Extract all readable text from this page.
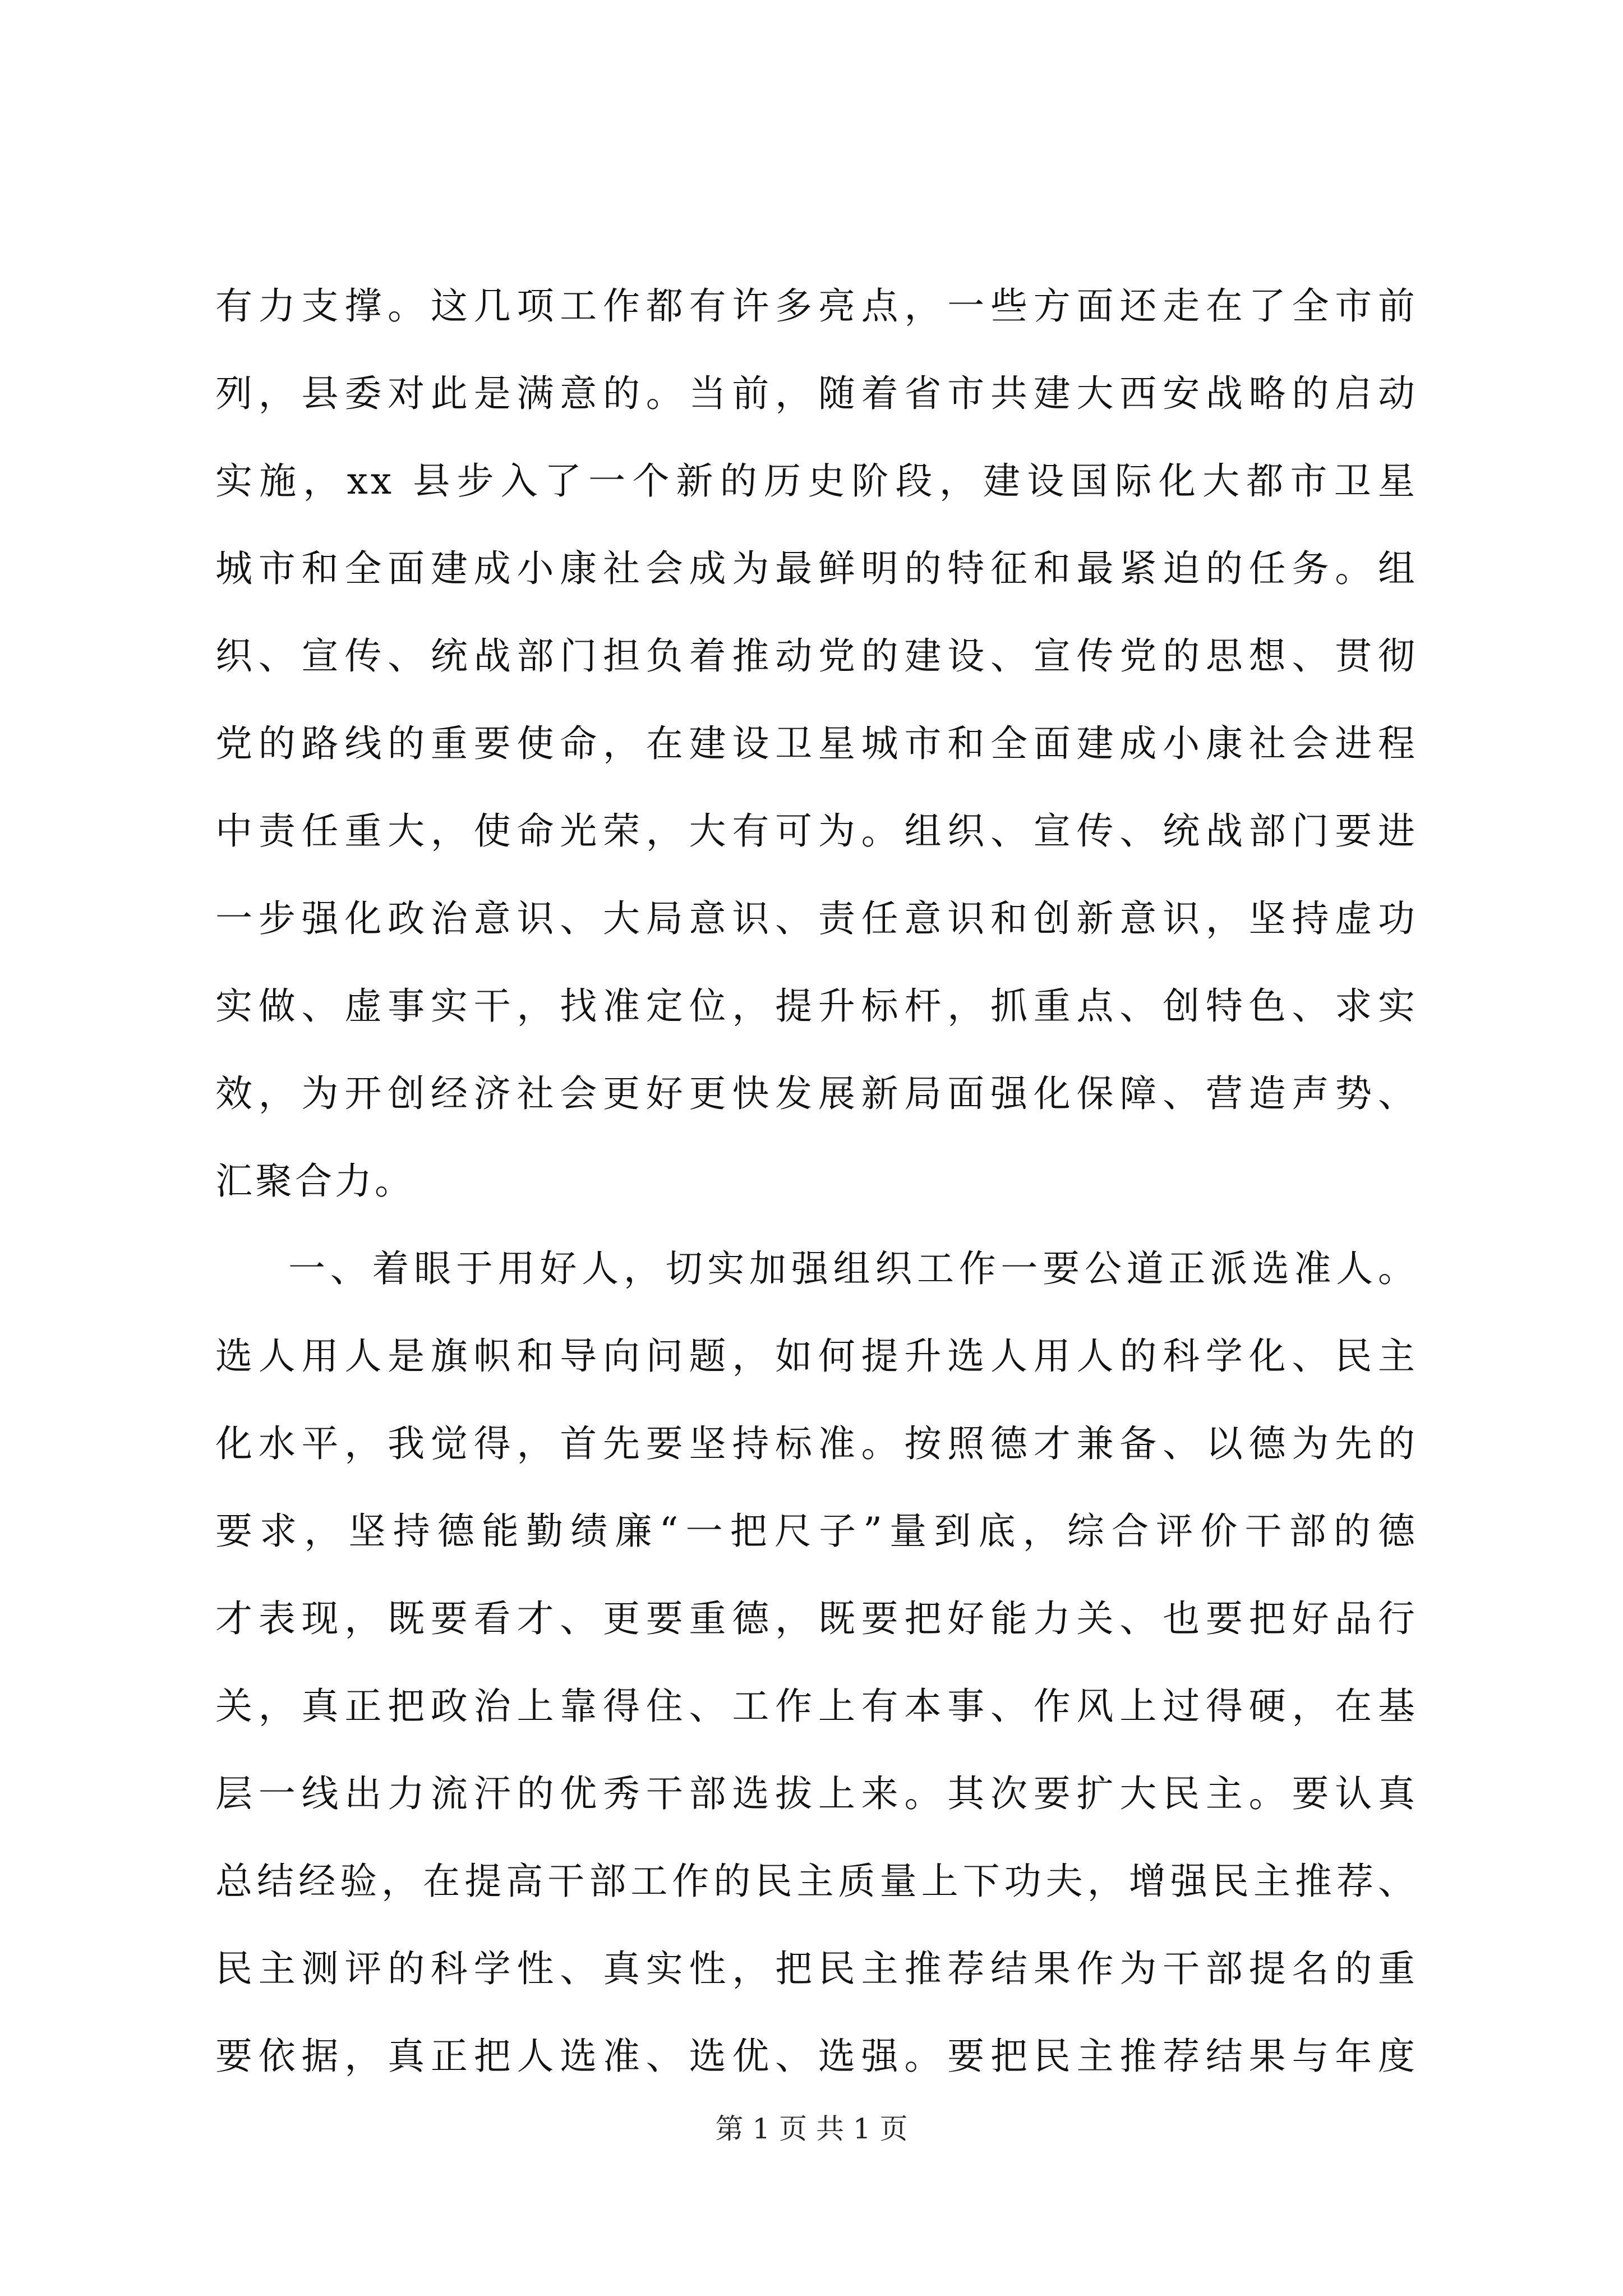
有力支撑。这几项工作都有许多亮点，一些方面还走在了全市前
列，县委对此是满意的。当前，随着省市共建大西安战略的启动
实施，xx 县步入了一个新的历史阶段，建设国际化大都市卫星
城市和全面建成小康社会成为最鲜明的特征和最紧迫的任务。组
织、宣传、统战部门担负着推动党的建设、宣传党的思想、贯彻
党的路线的重要使命，在建设卫星城市和全面建成小康社会进程
中责任重大，使命光荣，大有可为。组织、宣传、统战部门要进
一步强化政治意识、大局意识、责任意识和创新意识，坚持虚功
实做、虚事实干，找准定位，提升标杆，抓重点、创特色、求实
效，为开创经济社会更好更快发展新局面强化保障、营造声势、
汇聚合力。
一、着眼于用好人，切实加强组织工作一要公道正派选准人。
选人用人是旗帜和导向问题，如何提升选人用人的科学化、民主
化水平，我觉得，首先要坚持标准。按照德才兼备、以德为先的
要求，坚持德能勤绩廉“一把尺子”量到底，综合评价干部的德
才表现，既要看才、更要重德，既要把好能力关、也要把好品行
关，真正把政治上靠得住、工作上有本事、作风上过得硬，在基
层一线出力流汗的优秀干部选拔上来。其次要扩大民主。要认真
总结经验，在提高干部工作的民主质量上下功夫，增强民主推荐、
民主测评的科学性、真实性，把民主推荐结果作为干部提名的重
要依据，真正把人选准、选优、选强。要把民主推荐结果与年度
第 1 页 共 1 页
